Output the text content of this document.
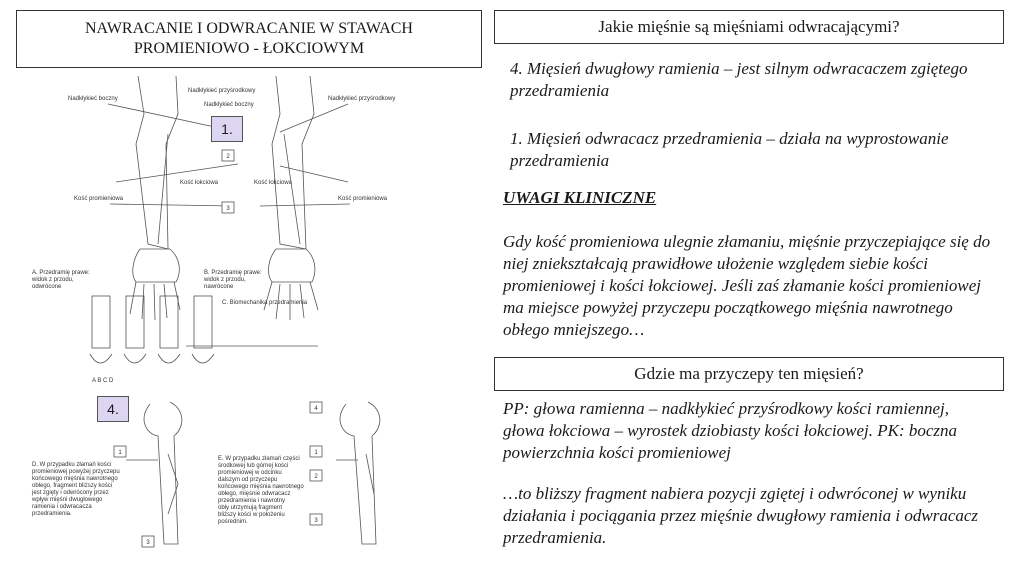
NAWRACANIE I ODWRACANIE W STAWACH PROMIENIOWO - ŁOKCIOWYM
Jakie mięśnie są mięśniami odwracającymi?

4. Mięsień dwugłowy ramienia – jest silnym odwracaczem zgiętego przedramienia

1. Mięsień odwracacz przedramienia – działa na wyprostowanie przedramienia

UWAGI KLINICZNE

Gdy kość promieniowa ulegnie złamaniu, mięśnie przyczepiające się do niej zniekształcają prawidłowe ułożenie względem siebie kości promieniowej i kości łokciowej. Jeśli zaś złamanie kości promieniowej ma miejsce powyżej przyczepu początkowego mięśnia nawrotnego obłego mniejszego…

Gdzie ma przyczepy ten mięsień?

PP: głowa ramienna – nadkłykieć przyśrodkowy kości ramiennej, głowa łokciowa – wyrostek dziobiasty kości łokciowej. PK: boczna powierzchnia kości promieniowej

…to bliższy fragment nabiera pozycji zgiętej i odwróconej w wyniku działania i pociągania przez mięśnie dwugłowy ramienia i odwracacz przedramienia.

2
3
1
3
4
1
2
3
Nadkłykieć boczny
Nadkłykieć przyśrodkowy
Nadkłykieć boczny
Nadkłykieć przyśrodkowy
Kość łokciowa	Kość łokciowa
Kość promieniowa	Kość promieniowa
A. Przedramię prawe: widok z przodu, odwrócone
B. Przedramię prawe: widok z przodu, nawrócone
C. Biomechanika przedramienia
A B C D
D. W przypadku złamań kości promieniowej powyżej przyczepu końcowego mięśnia nawrotnego obłego, fragment bliższy kości jest zgięty i odwrócony przez wpływ mięśni dwugłowego ramienia i odwracacza przedramienia.
E. W przypadku złamań części środkowej lub górnej kości promieniowej w odcinku dalszym od przyczepu końcowego mięśnia nawrotnego obłego, mięśnie odwracacz przedramienia i nawrotny obły utrzymują fragment bliższy kości w położeniu pośrednim.
1.
4.
